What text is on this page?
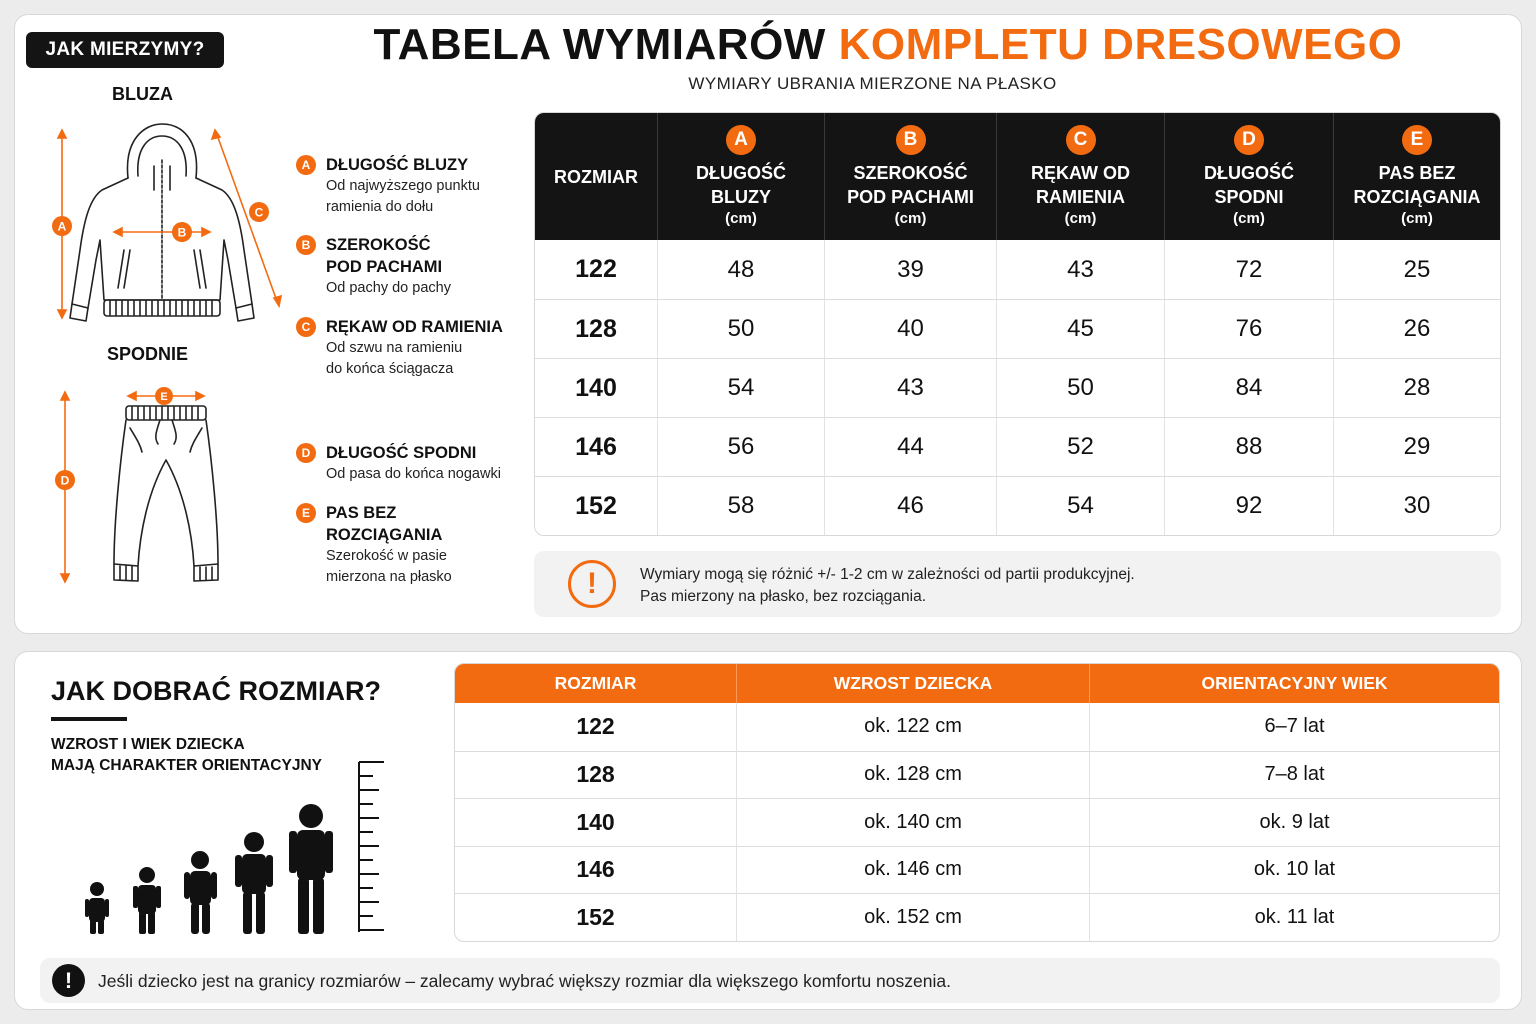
JAK MIERZYMY?
BLUZA
SPODNIE
A	B
C
D
E
A DŁUGOŚĆ BLUZY
Od najwyższego punktu
ramienia do dołu
B SZEROKOŚĆ
POD PACHAMI
Od pachy do pachy
C RĘKAW OD RAMIENIA
Od szwu na ramieniu
do końca ściągacza
D DŁUGOŚĆ SPODNI
Od pasa do końca nogawki
E PAS BEZ ROZCIĄGANIA
Szerokość w pasie
mierzona na płasko
TABELA WYMIARÓW KOMPLETU DRESOWEGO
WYMIARY UBRANIA MIERZONE NA PŁASKO
ROZMIAR	A
DŁUGOŚĆ
BLUZY
(cm)	B
SZEROKOŚĆ
POD PACHAMI
(cm)	C
RĘKAW OD
RAMIENIA
(cm)	D
DŁUGOŚĆ
SPODNI
(cm)	E
PAS BEZ
ROZCIĄGANIA
(cm)

122	48	39	43	72	25
128	50	40	45	76	26
140	54	43	50	84	28
146	56	44	52	88	29
152	58	46	54	92	30
!	Wymiary mogą się różnić +/- 1-2 cm w zależności od partii produkcyjnej.
Pas mierzony na płasko, bez rozciągania.
JAK DOBRAĆ ROZMIAR?
WZROST I WIEK DZIECKA
MAJĄ CHARAKTER ORIENTACYJNY
ROZMIAR	WZROST DZIECKA	ORIENTACYJNY WIEK
122	ok. 122 cm	6–7 lat
128	ok. 128 cm	7–8 lat
140	ok. 140 cm	ok. 9 lat
146	ok. 146 cm	ok. 10 lat
152	ok. 152 cm	ok. 11 lat
!	Jeśli dziecko jest na granicy rozmiarów – zalecamy wybrać większy rozmiar dla większego komfortu noszenia.
